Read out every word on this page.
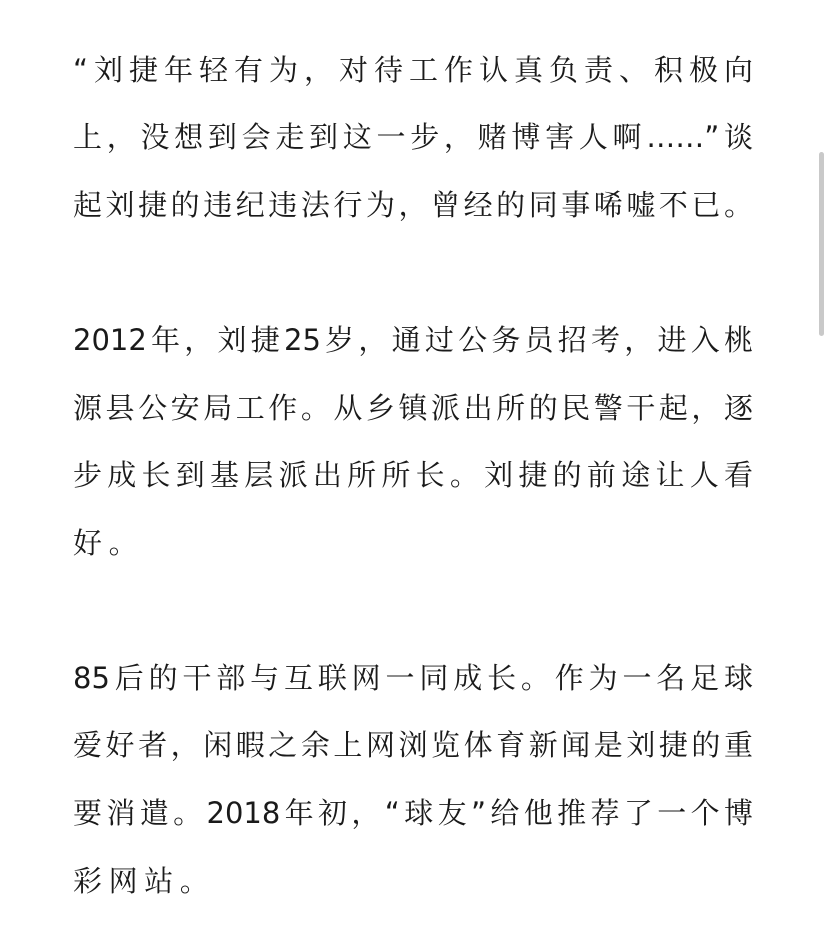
“刘捷年轻有为，对待工作认真负责、积极向
上，没想到会走到这一步，赌博害人啊……”谈
起刘捷的违纪违法行为，曾经的同事唏嘘不已。
2012年，刘捷25岁，通过公务员招考，进入桃
源县公安局工作。从乡镇派出所的民警干起，逐
步成长到基层派出所所长。刘捷的前途让人看
好。
85后的干部与互联网一同成长。作为一名足球
爱好者，闲暇之余上网浏览体育新闻是刘捷的重
要消遣。2018年初，“球友”给他推荐了一个博
彩网站。
